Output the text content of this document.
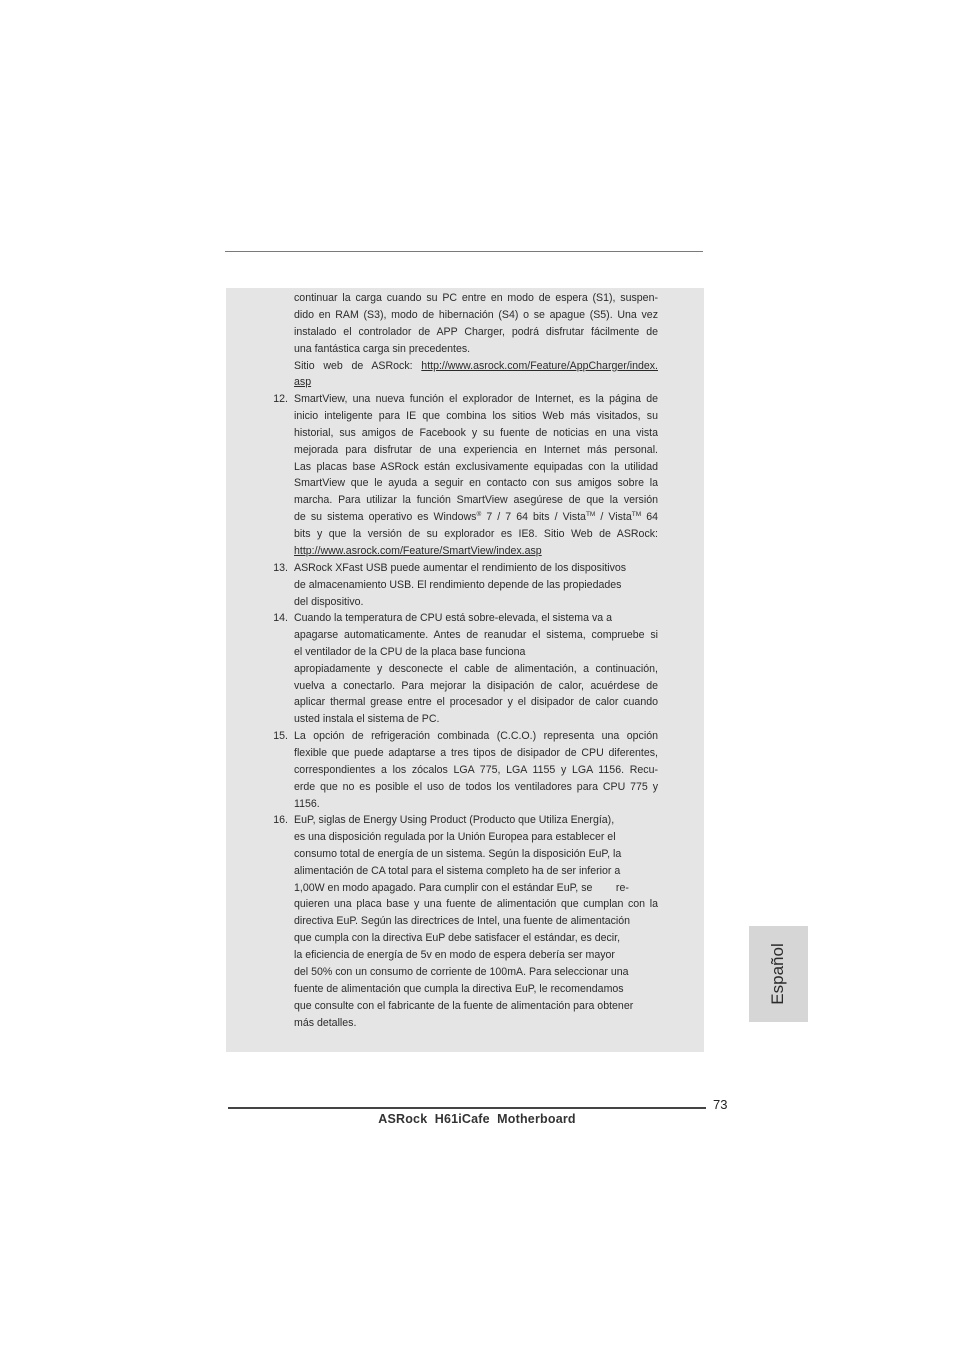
continuar la carga cuando su PC entre en modo de espera (S1), suspen-
dido en RAM (S3), modo de hibernación (S4) o se apague (S5). Una vez
instalado el controlador de APP Charger, podrá disfrutar fácilmente de
una fantástica carga sin precedentes.
Sitio web de ASRock: http://www.asrock.com/Feature/AppCharger/index.
asp
12. SmartView, una nueva función el explorador de Internet, es la página de
inicio inteligente para IE que combina los sitios Web más visitados, su
historial, sus amigos de Facebook y su fuente de noticias en una vista
mejorada para disfrutar de una experiencia en Internet más personal.
Las placas base ASRock están exclusivamente equipadas con la utilidad
SmartView que le ayuda a seguir en contacto con sus amigos sobre la
marcha. Para utilizar la función SmartView asegúrese de que la versión
de su sistema operativo es Windows® 7 / 7 64 bits / Vista™ / Vista™ 64
bits y que la versión de su explorador es IE8. Sitio Web de ASRock:
http://www.asrock.com/Feature/SmartView/index.asp
13. ASRock XFast USB puede aumentar el rendimiento de los dispositivos
de almacenamiento USB. El rendimiento depende de las propiedades
del dispositivo.
14. Cuando la temperatura de CPU está sobre-elevada, el sistema va a
apagarse automaticamente. Antes de reanudar el sistema, compruebe si
el ventilador de la CPU de la placa base funciona
apropiadamente y desconecte el cable de alimentación, a continuación,
vuelva a conectarlo. Para mejorar la disipación de calor, acuérdese de
aplicar thermal grease entre el procesador y el disipador de calor cuando
usted instala el sistema de PC.
15. La opción de refrigeración combinada (C.C.O.) representa una opción
flexible que puede adaptarse a tres tipos de disipador de CPU diferentes,
correspondientes a los zócalos LGA 775, LGA 1155 y LGA 1156. Recu-
erde que no es posible el uso de todos los ventiladores para CPU 775 y
1156.
16. EuP, siglas de Energy Using Product (Producto que Utiliza Energía),
es una disposición regulada por la Unión Europea para establecer el
consumo total de energía de un sistema. Según la disposición EuP, la
alimentación de CA total para el sistema completo ha de ser inferior a
1,00W en modo apagado. Para cumplir con el estándar EuP, se        re-
quieren una placa base y una fuente de alimentación que cumplan con la
directiva EuP. Según las directrices de Intel, una fuente de alimentación
que cumpla con la directiva EuP debe satisfacer el estándar, es decir,
la eficiencia de energía de 5v en modo de espera debería ser mayor
del 50% con un consumo de corriente de 100mA. Para seleccionar una
fuente de alimentación que cumpla la directiva EuP, le recomendamos
que consulte con el fabricante de la fuente de alimentación para obtener
más detalles.
Español
73
ASRock  H61iCafe  Motherboard
